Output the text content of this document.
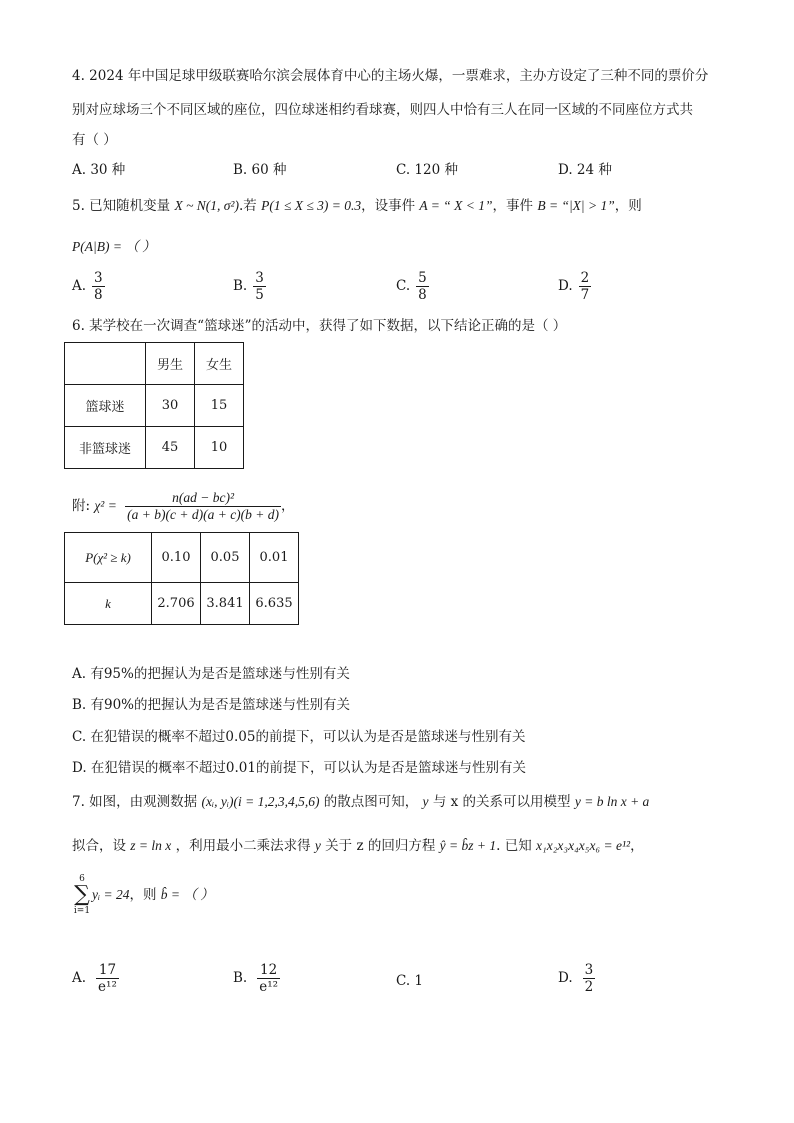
4. 2024 年中国足球甲级联赛哈尔滨会展体育中心的主场火爆，一票难求，主办方设定了三种不同的票价分
别对应球场三个不同区域的座位，四位球迷相约看球赛，则四人中恰有三人在同一区域的不同座位方式共
有（ ）
A. 30 种	B. 60 种	C. 120 种	D. 24 种
5. 已知随机变量 X ~ N(1, σ²).若 P(1 ≤ X ≤ 3) = 0.3，设事件 A = “ X < 1”，事件 B = “|X| > 1”，则
P(A|B) = （ ）
A. $\frac{3}{8}$	B. $\frac{3}{5}$	C. $\frac{5}{8}$	D. $\frac{2}{7}$
6. 某学校在一次调查“篮球迷”的活动中，获得了如下数据，以下结论正确的是（ ）
	男生	女生
篮球迷	30	15
非篮球迷	45	10
附: $\chi^2 = \frac{\text{n(ad − bc)²}}{(a + b)(c + d)(a + c)(b + d)}$ ，
P(χ² ≥ k)	0.10	0.05	0.01
k	2.706	3.841	6.635
A. 有95%的把握认为是否是篮球迷与性别有关
B. 有90%的把握认为是否是篮球迷与性别有关
C. 在犯错误的概率不超过0.05的前提下，可以认为是否是篮球迷与性别有关
D. 在犯错误的概率不超过0.01的前提下，可以认为是否是篮球迷与性别有关
7. 如图，由观测数据 (xᵢ, yᵢ)(i = 1,2,3,4,5,6) 的散点图可知， y 与 x 的关系可以用模型 y = b ln x + a
拟合，设 z = ln x ，利用最小二乘法求得 y 关于 z 的回归方程 ŷ = b̂z + 1. 已知 x₁x₂x₃x₄x₅x₆ = e¹²，
6
∑
i=1
yᵢ = 24，则 b̂ = （ ）
A. $\frac{17}{\text{e¹²}}$	B. $\frac{12}{\text{e¹²}}$	C. 1	D. $\frac{3}{2}$
